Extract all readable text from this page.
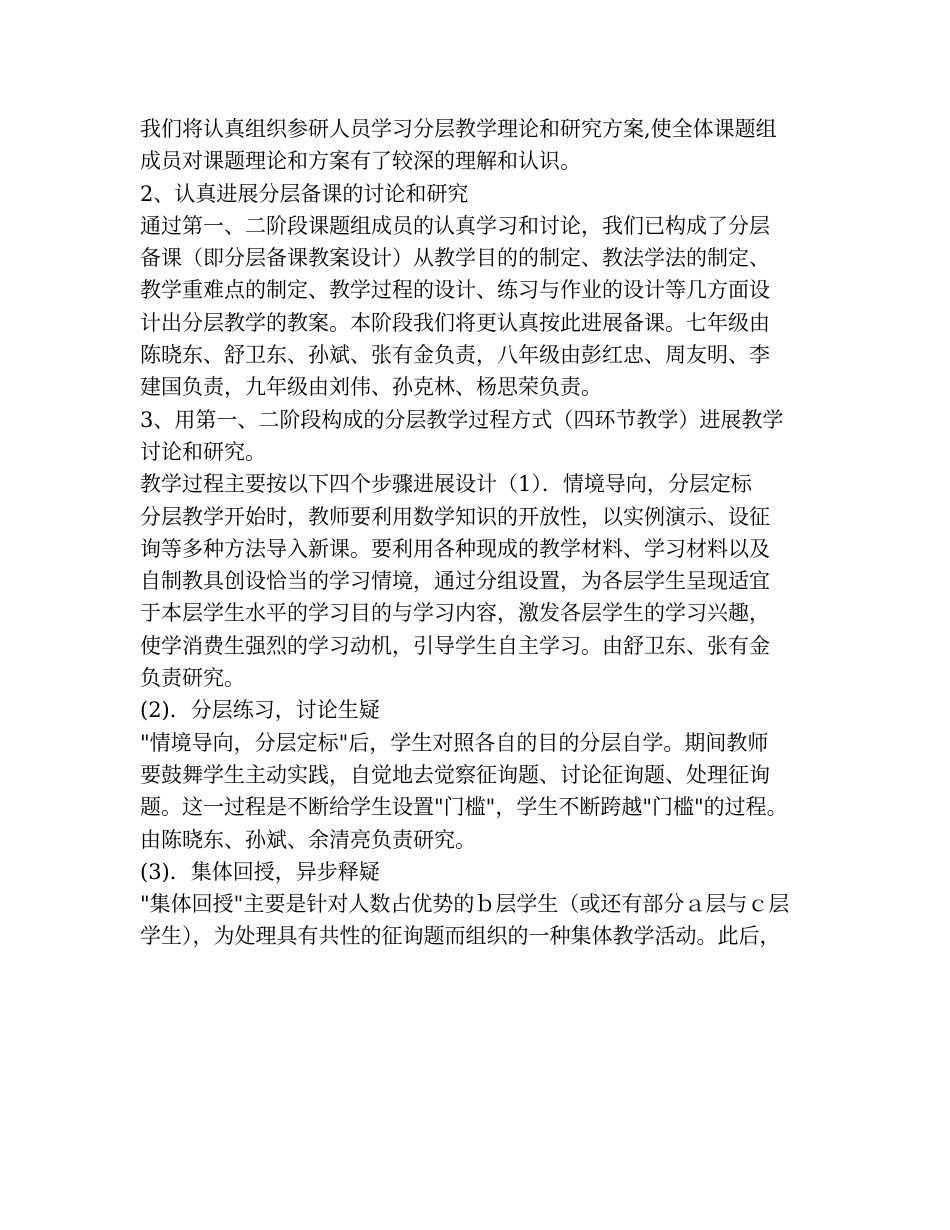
我们将认真组织参研人员学习分层教学理论和研究方案,使全体课题组
成员对课题理论和方案有了较深的理解和认识。
2、认真进展分层备课的讨论和研究
通过第一、二阶段课题组成员的认真学习和讨论，我们已构成了分层
备课（即分层备课教案设计）从教学目的的制定、教法学法的制定、
教学重难点的制定、教学过程的设计、练习与作业的设计等几方面设
计出分层教学的教案。本阶段我们将更认真按此进展备课。七年级由
陈晓东、舒卫东、孙斌、张有金负责，八年级由彭红忠、周友明、李
建国负责，九年级由刘伟、孙克林、杨思荣负责。
3、用第一、二阶段构成的分层教学过程方式（四环节教学）进展教学
讨论和研究。
教学过程主要按以下四个步骤进展设计（1）．情境导向，分层定标
分层教学开始时，教师要利用数学知识的开放性，以实例演示、设征
询等多种方法导入新课。要利用各种现成的教学材料、学习材料以及
自制教具创设恰当的学习情境，通过分组设置，为各层学生呈现适宜
于本层学生水平的学习目的与学习内容，激发各层学生的学习兴趣，
使学消费生强烈的学习动机，引导学生自主学习。由舒卫东、张有金
负责研究。
(2)．分层练习，讨论生疑
"情境导向，分层定标"后，学生对照各自的目的分层自学。期间教师
要鼓舞学生主动实践，自觉地去觉察征询题、讨论征询题、处理征询
题。这一过程是不断给学生设置"门槛"，学生不断跨越"门槛"的过程。
由陈晓东、孙斌、余清亮负责研究。
(3)．集体回授，异步释疑
"集体回授"主要是针对人数占优势的ｂ层学生（或还有部分ａ层与ｃ层
学生），为处理具有共性的征询题而组织的一种集体教学活动。此后，
